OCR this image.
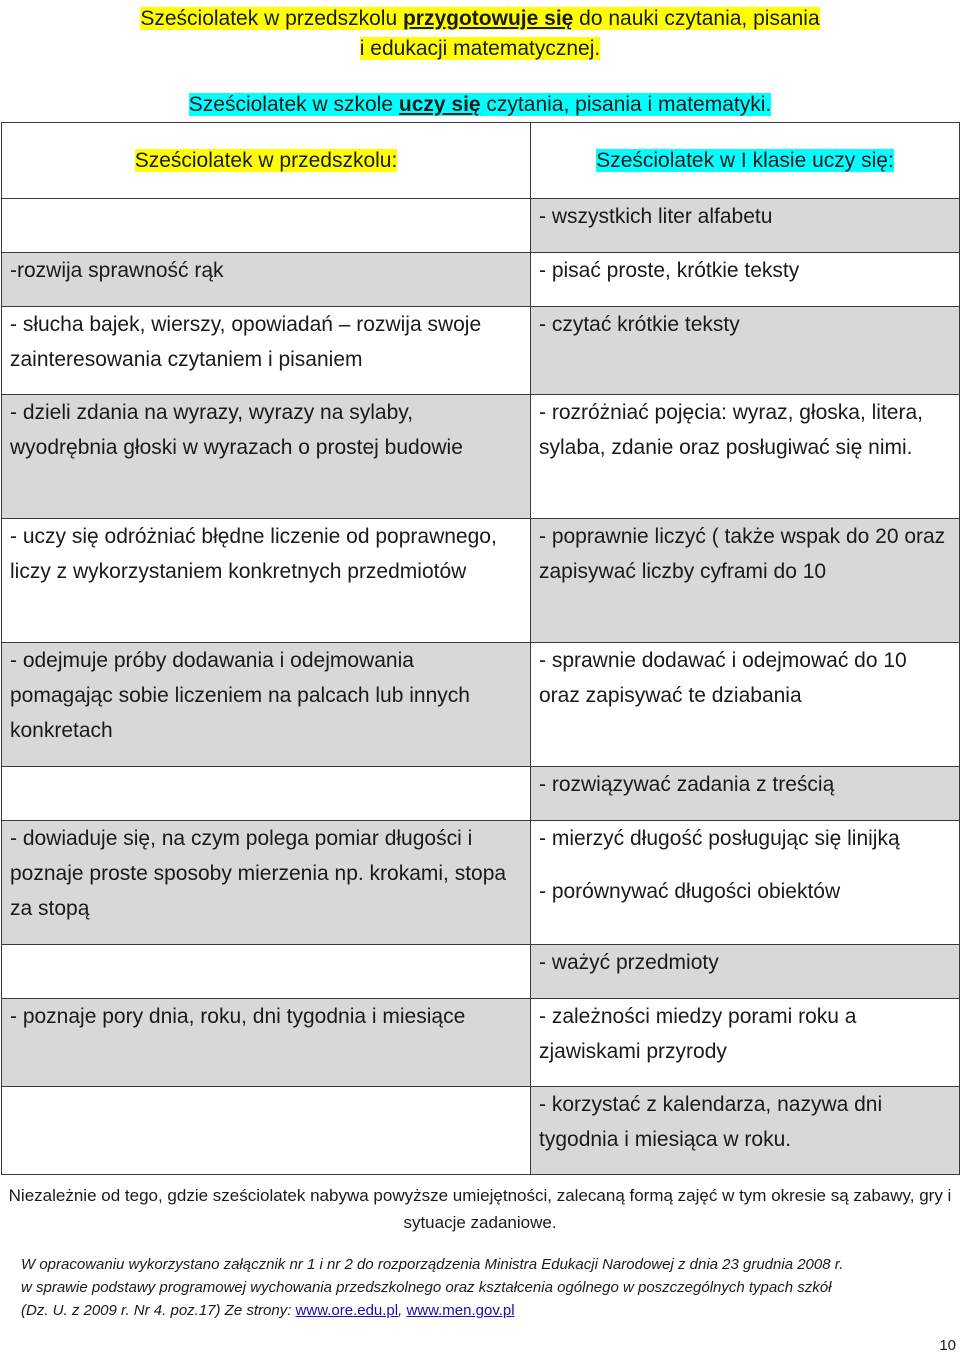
Sześciolatek w przedszkolu przygotowuje się do nauki czytania, pisania
i edukacji matematycznej.
Sześciolatek w szkole uczy się czytania, pisania i matematyki.
Sześciolatek w przedszkolu:	Sześciolatek w I klasie uczy się:
	- wszystkich liter alfabetu
-rozwija sprawność rąk	- pisać proste, krótkie teksty
- słucha bajek, wierszy, opowiadań – rozwija swoje zainteresowania czytaniem i pisaniem	- czytać krótkie teksty
- dzieli zdania na wyrazy, wyrazy na sylaby, wyodrębnia głoski w wyrazach o prostej budowie	- rozróżniać pojęcia: wyraz, głoska, litera, sylaba, zdanie oraz posługiwać się nimi.
- uczy się odróżniać błędne liczenie od poprawnego, liczy z wykorzystaniem konkretnych przedmiotów	- poprawnie liczyć ( także wspak do 20 oraz zapisywać liczby cyframi do 10
- odejmuje próby dodawania i odejmowania pomagając sobie liczeniem na palcach lub innych konkretach	- sprawnie dodawać i odejmować do 10 oraz zapisywać te dziabania
	- rozwiązywać zadania z treścią
- dowiaduje się, na czym polega pomiar długości i poznaje proste sposoby mierzenia np. krokami, stopa za stopą	- mierzyć długość posługując się linijką
- porównywać długości obiektów

	- ważyć przedmioty
- poznaje pory dnia, roku, dni tygodnia i miesiące	- zależności miedzy porami roku a zjawiskami przyrody
	- korzystać z kalendarza, nazywa dni tygodnia i miesiąca w roku.
Niezależnie od tego, gdzie sześciolatek nabywa powyższe umiejętności, zalecaną formą zajęć w tym okresie są zabawy, gry i sytuacje zadaniowe.
W opracowaniu wykorzystano załącznik nr 1 i nr 2 do rozporządzenia Ministra Edukacji Narodowej z dnia 23 grudnia 2008 r.
w sprawie podstawy programowej wychowania przedszkolnego oraz kształcenia ogólnego w poszczególnych typach szkół
(Dz. U. z 2009 r. Nr 4. poz.17) Ze strony: www.ore.edu.pl, www.men.gov.pl
10
